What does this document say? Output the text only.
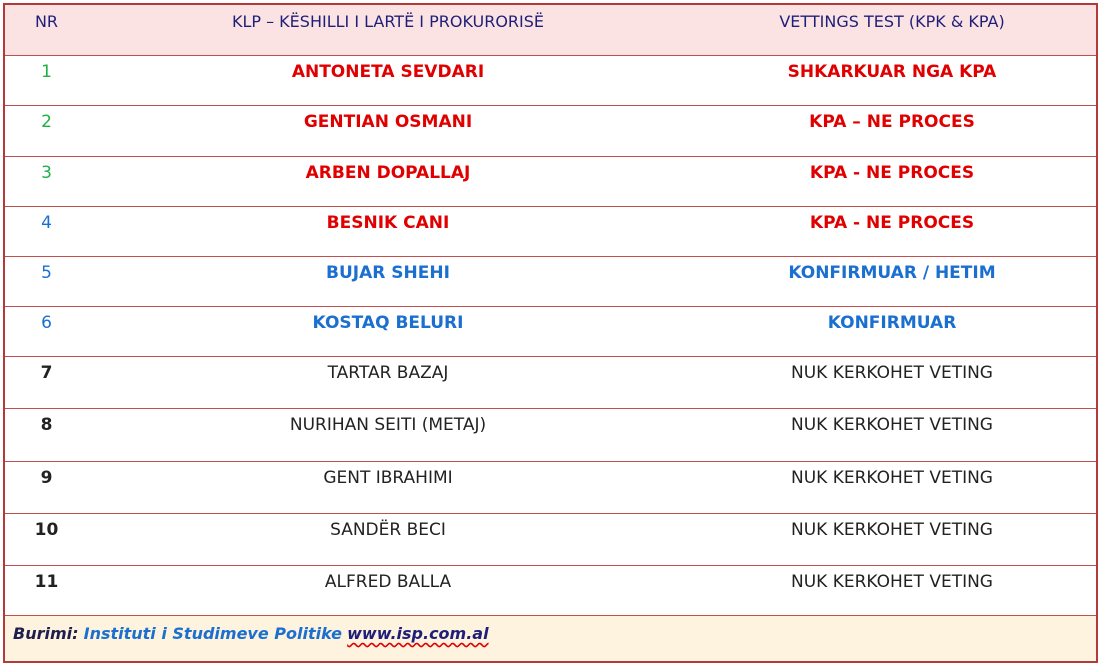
NR	KLP – KËSHILLI I LARTË I PROKURORISË	VETTINGS TEST (KPK & KPA)
1	ANTONETA SEVDARI	SHKARKUAR NGA KPA
2	GENTIAN OSMANI	KPA – NE PROCES
3	ARBEN DOPALLAJ	KPA - NE PROCES
4	BESNIK CANI	KPA - NE PROCES
5	BUJAR SHEHI	KONFIRMUAR / HETIM
6	KOSTAQ BELURI	KONFIRMUAR
7	TARTAR BAZAJ	NUK KERKOHET VETING
8	NURIHAN SEITI (METAJ)	NUK KERKOHET VETING
9	GENT IBRAHIMI	NUK KERKOHET VETING
10	SANDËR BECI	NUK KERKOHET VETING
11	ALFRED BALLA	NUK KERKOHET VETING
Burimi: Instituti i Studimeve Politike www.isp.com.al
